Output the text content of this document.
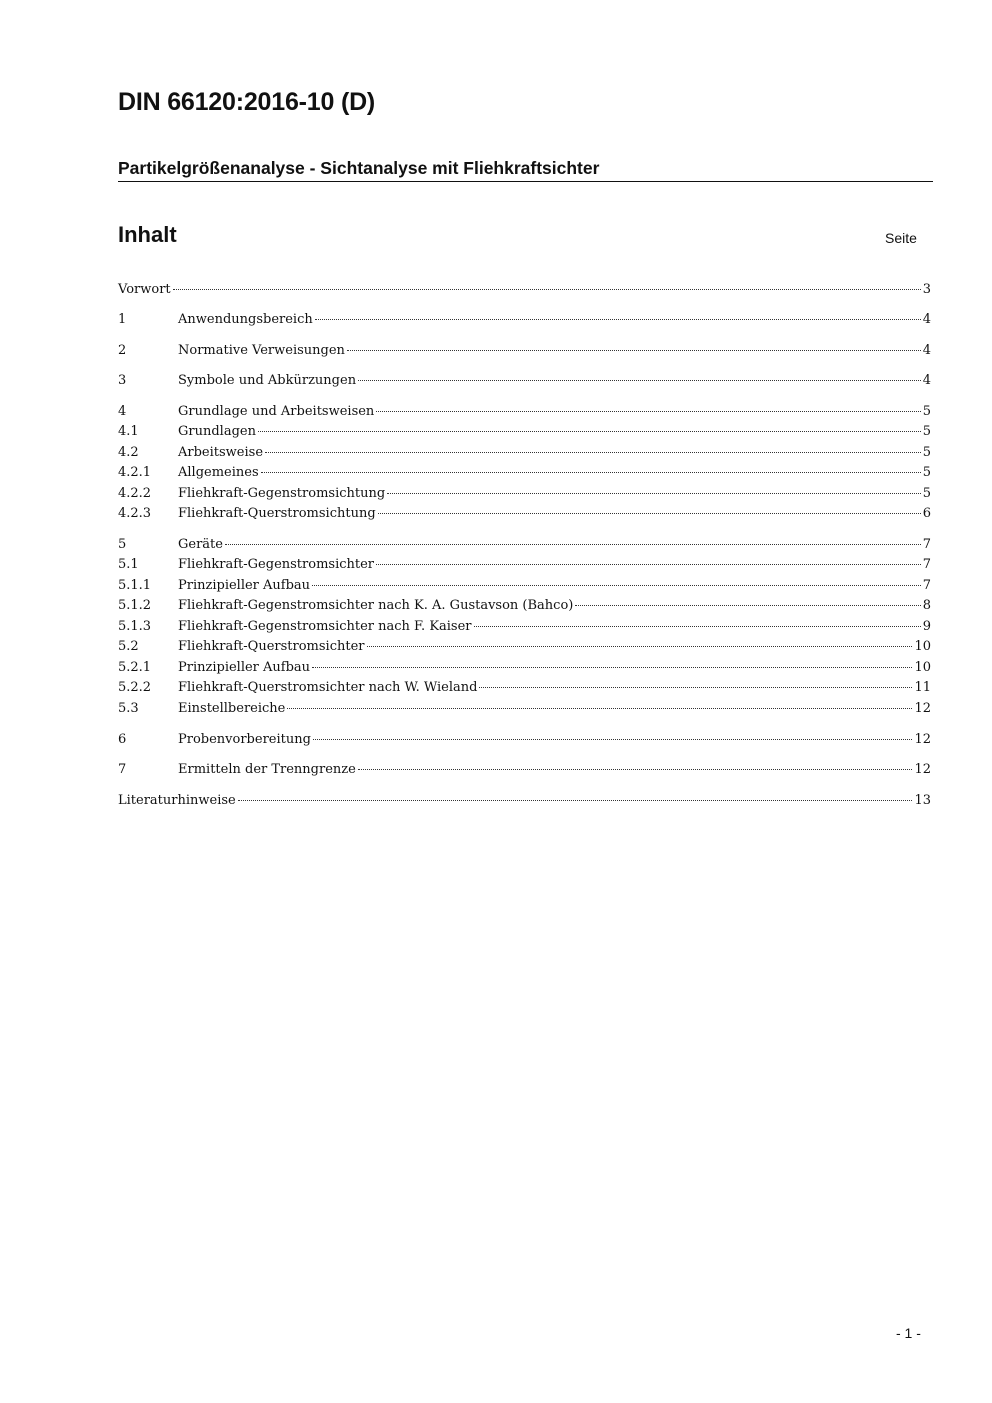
DIN 66120:2016-10 (D)
Partikelgrößenanalyse - Sichtanalyse mit Fliehkraftsichter
Inhalt	Seite
Vorwort	3
1	Anwendungsbereich	4
2	Normative Verweisungen	4
3	Symbole und Abkürzungen	4
4	Grundlage und Arbeitsweisen	5
4.1	Grundlagen	5
4.2	Arbeitsweise	5
4.2.1	Allgemeines	5
4.2.2	Fliehkraft-Gegenstromsichtung	5
4.2.3	Fliehkraft-Querstromsichtung	6
5	Geräte	7
5.1	Fliehkraft-Gegenstromsichter	7
5.1.1	Prinzipieller Aufbau	7
5.1.2	Fliehkraft-Gegenstromsichter nach K. A. Gustavson (Bahco)	8
5.1.3	Fliehkraft-Gegenstromsichter nach F. Kaiser	9
5.2	Fliehkraft-Querstromsichter	10
5.2.1	Prinzipieller Aufbau	10
5.2.2	Fliehkraft-Querstromsichter nach W. Wieland	11
5.3	Einstellbereiche	12
6	Probenvorbereitung	12
7	Ermitteln der Trenngrenze	12
Literaturhinweise	13
- 1 -
